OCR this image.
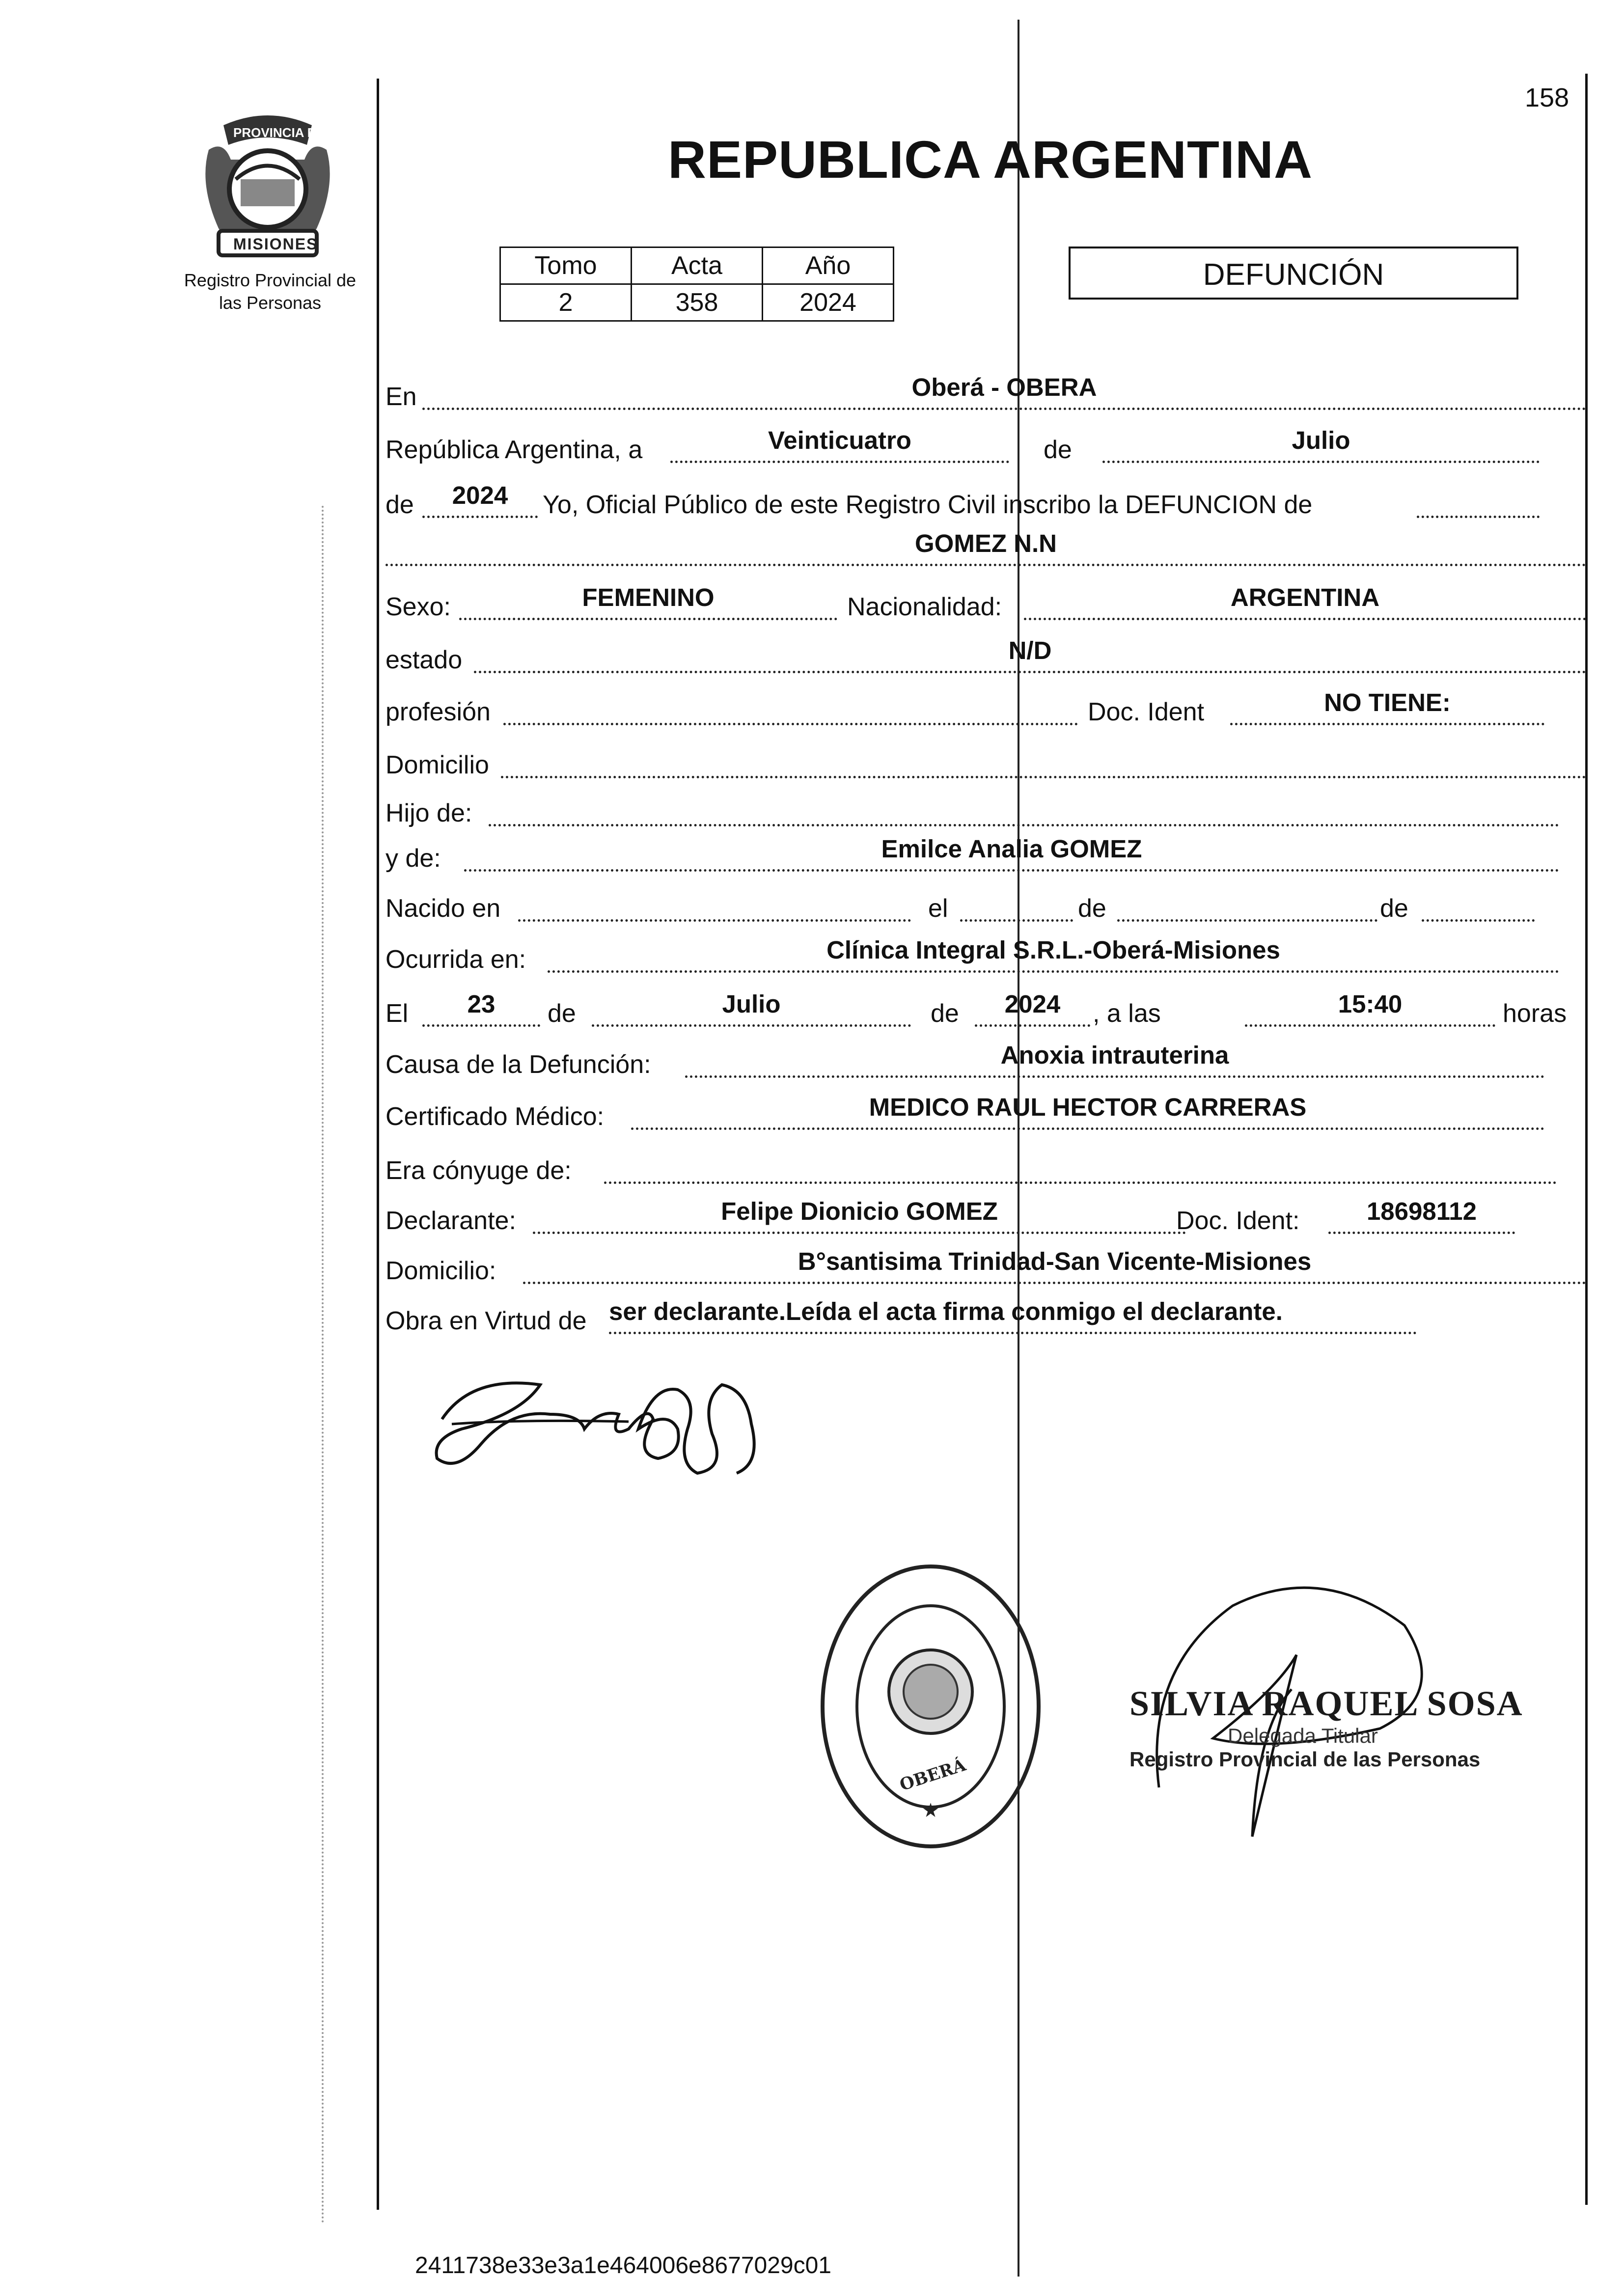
158
PROVINCIA DE
MISIONES
Registro Provincial de
las Personas
REPUBLICA ARGENTINA
Tomo	Acta	Año
2	358	2024
DEFUNCIÓN
En	Oberá - OBERA
República Argentina, a	Veinticuatro	de	Julio
de	2024	Yo, Oficial Público de este Registro Civil inscribo la DEFUNCION de
GOMEZ N.N
Sexo:	FEMENINO	Nacionalidad:	ARGENTINA
estado	N/D
profesión	Doc. Ident	NO TIENE:
Domicilio
Hijo de:
y de:	Emilce Analia GOMEZ
Nacido en	el	de	de
Ocurrida en:	Clínica Integral S.R.L.-Oberá-Misiones
El	23	de	Julio	de	2024	, a las	15:40	horas
Causa de la Defunción:	Anoxia intrauterina
Certificado Médico:	MEDICO RAUL HECTOR CARRERAS
Era cónyuge de:
Declarante:	Felipe Dionicio GOMEZ	Doc. Ident:	18698112
Domicilio:	B°santisima Trinidad-San Vicente-Misiones
Obra en Virtud de ser declarante.Leída el acta firma conmigo el declarante.
★
OBERÁ
SILVIA RAQUEL SOSA
Delegada Titular
Registro Provincial de las Personas
2411738e33e3a1e464006e8677029c01
